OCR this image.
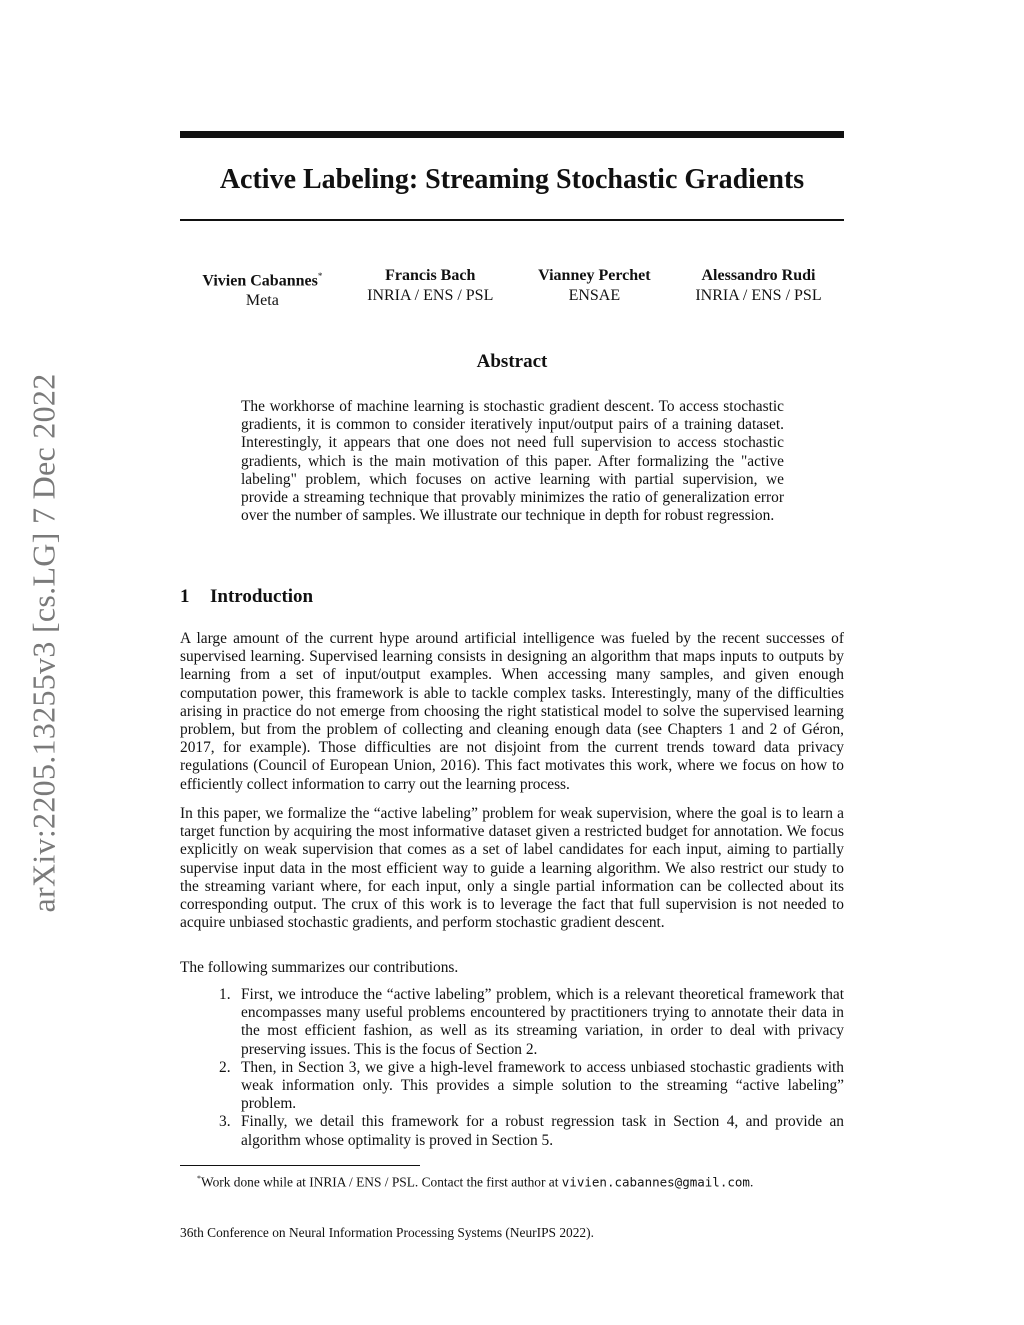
arXiv:2205.13255v3 [cs.LG] 7 Dec 2022
Active Labeling: Streaming Stochastic Gradients
Vivien Cabannes*
Meta
Francis Bach
INRIA / ENS / PSL
Vianney Perchet
ENSAE
Alessandro Rudi
INRIA / ENS / PSL
Abstract

The workhorse of machine learning is stochastic gradient descent. To access stochastic gradients, it is common to consider iteratively input/output pairs of a training dataset. Interestingly, it appears that one does not need full supervision to access stochastic gradients, which is the main motivation of this paper. After formalizing the "active labeling" problem, which focuses on active learning with partial supervision, we provide a streaming technique that provably minimizes the ratio of generalization error over the number of samples. We illustrate our technique in depth for robust regression.

1 Introduction

A large amount of the current hype around artificial intelligence was fueled by the recent successes of supervised learning. Supervised learning consists in designing an algorithm that maps inputs to outputs by learning from a set of input/output examples. When accessing many samples, and given enough computation power, this framework is able to tackle complex tasks. Interestingly, many of the difficulties arising in practice do not emerge from choosing the right statistical model to solve the supervised learning problem, but from the problem of collecting and cleaning enough data (see Chapters 1 and 2 of Géron, 2017, for example). Those difficulties are not disjoint from the current trends toward data privacy regulations (Council of European Union, 2016). This fact motivates this work, where we focus on how to efficiently collect information to carry out the learning process.

In this paper, we formalize the “active labeling” problem for weak supervision, where the goal is to learn a target function by acquiring the most informative dataset given a restricted budget for annotation. We focus explicitly on weak supervision that comes as a set of label candidates for each input, aiming to partially supervise input data in the most efficient way to guide a learning algorithm. We also restrict our study to the streaming variant where, for each input, only a single partial information can be collected about its corresponding output. The crux of this work is to leverage the fact that full supervision is not needed to acquire unbiased stochastic gradients, and perform stochastic gradient descent.

The following summarizes our contributions.

1. First, we introduce the “active labeling” problem, which is a relevant theoretical framework that encompasses many useful problems encountered by practitioners trying to annotate their data in the most efficient fashion, as well as its streaming variation, in order to deal with privacy preserving issues. This is the focus of Section 2.
2. Then, in Section 3, we give a high-level framework to access unbiased stochastic gradients with weak information only. This provides a simple solution to the streaming “active labeling” problem.
3. Finally, we detail this framework for a robust regression task in Section 4, and provide an algorithm whose optimality is proved in Section 5.

*Work done while at INRIA / ENS / PSL. Contact the first author at vivien.cabannes@gmail.com.

36th Conference on Neural Information Processing Systems (NeurIPS 2022).
